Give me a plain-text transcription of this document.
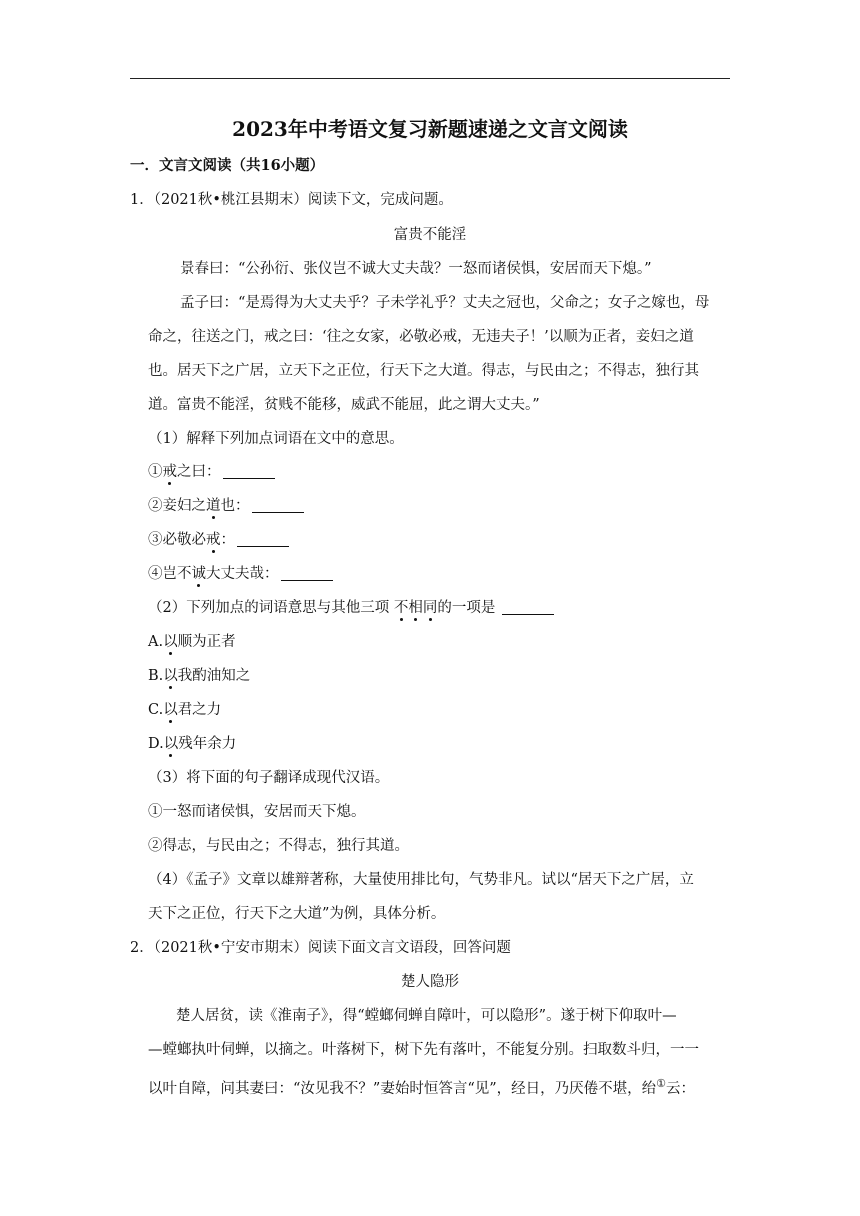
2023年中考语文复习新题速递之文言文阅读
一．文言文阅读（共16小题）
1．（2021秋•桃江县期末）阅读下文，完成问题。
富贵不能淫
景春曰：“公孙衍、张仪岂不诚大丈夫哉？一怒而诸侯惧，安居而天下熄。”
孟子曰：“是焉得为大丈夫乎？子未学礼乎？丈夫之冠也，父命之；女子之嫁也，母
命之，往送之门，戒之曰：‘往之女家，必敬必戒，无违夫子！’以顺为正者，妾妇之道
也。居天下之广居，立天下之正位，行天下之大道。得志，与民由之；不得志，独行其
道。富贵不能淫，贫贱不能移，威武不能屈，此之谓大丈夫。”
（1）解释下列加点词语在文中的意思。
①戒之曰：
②妾妇之道也：
③必敬必戒：
④岂不诚大丈夫哉：
（2）下列加点的词语意思与其他三项 不相同的一项是
A.以顺为正者
B.以我酌油知之
C.以君之力
D.以残年余力
（3）将下面的句子翻译成现代汉语。
①一怒而诸侯惧，安居而天下熄。
②得志，与民由之；不得志，独行其道。
（4）《孟子》文章以雄辩著称，大量使用排比句，气势非凡。试以“居天下之广居，立
天下之正位，行天下之大道”为例，具体分析。
2．（2021秋•宁安市期末）阅读下面文言文语段，回答问题
楚人隐形
楚人居贫，读《淮南子》，得“螳螂伺蝉自障叶，可以隐形”。遂于树下仰取叶—
—螳螂执叶伺蝉，以摘之。叶落树下，树下先有落叶，不能复分别。扫取数斗归，一一
以叶自障，问其妻曰：“汝见我不？”妻始时恒答言“见”，经日，乃厌倦不堪，绐①云：
